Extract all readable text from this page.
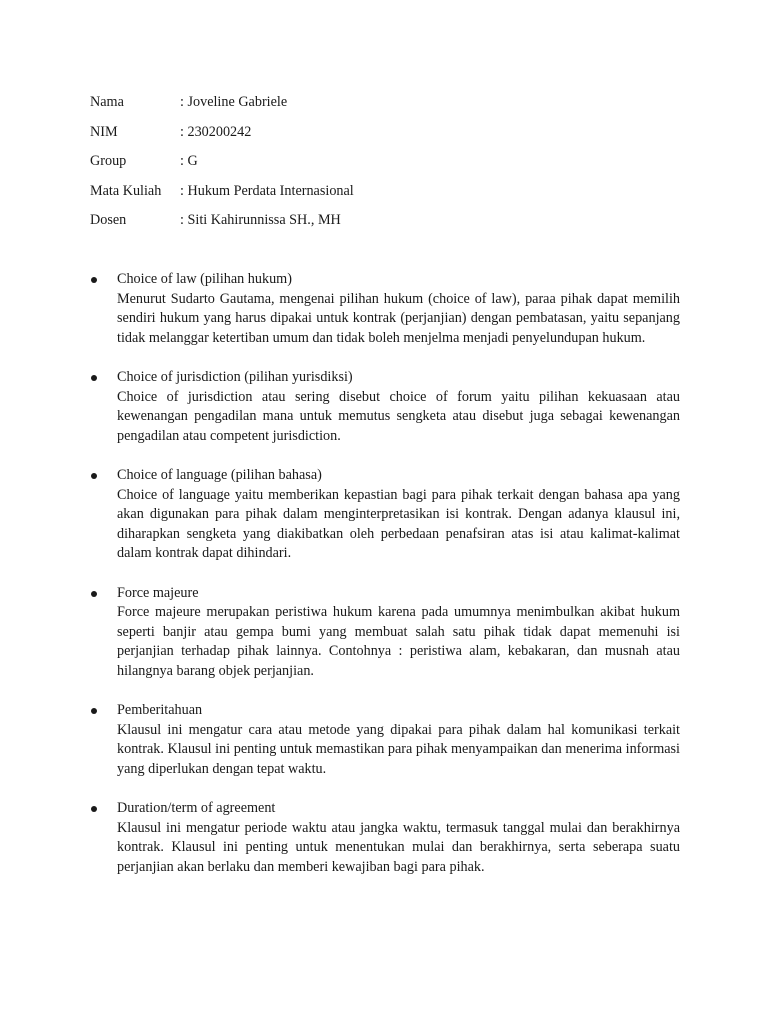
Nama	: Joveline Gabriele
NIM	: 230200242
Group	: G
Mata Kuliah	: Hukum Perdata Internasional
Dosen	: Siti Kahirunnissa SH., MH
Choice of law (pilihan hukum)
Menurut Sudarto Gautama, mengenai pilihan hukum (choice of law), paraa pihak dapat memilih sendiri hukum yang harus dipakai untuk kontrak (perjanjian) dengan pembatasan, yaitu sepanjang tidak melanggar ketertiban umum dan tidak boleh menjelma menjadi penyelundupan hukum.
Choice of jurisdiction (pilihan yurisdiksi)
Choice of jurisdiction atau sering disebut choice of forum yaitu pilihan kekuasaan atau kewenangan pengadilan mana untuk memutus sengketa atau disebut juga sebagai kewenangan pengadilan atau competent jurisdiction.
Choice of language (pilihan bahasa)
Choice of language yaitu memberikan kepastian bagi para pihak terkait dengan bahasa apa yang akan digunakan para pihak dalam menginterpretasikan isi kontrak. Dengan adanya klausul ini, diharapkan sengketa yang diakibatkan oleh perbedaan penafsiran atas isi atau kalimat-kalimat dalam kontrak dapat dihindari.
Force majeure
Force majeure merupakan peristiwa hukum karena pada umumnya menimbulkan akibat hukum seperti banjir atau gempa bumi yang membuat salah satu pihak tidak dapat memenuhi isi perjanjian terhadap pihak lainnya. Contohnya : peristiwa alam, kebakaran, dan musnah atau hilangnya barang objek perjanjian.
Pemberitahuan
Klausul ini mengatur cara atau metode yang dipakai para pihak dalam hal komunikasi terkait kontrak. Klausul ini penting untuk memastikan para pihak menyampaikan dan menerima informasi yang diperlukan dengan tepat waktu.
Duration/term of agreement
Klausul ini mengatur periode waktu atau jangka waktu, termasuk tanggal mulai dan berakhirnya kontrak. Klausul ini penting untuk menentukan mulai dan berakhirnya, serta seberapa suatu perjanjian akan berlaku dan memberi kewajiban bagi para pihak.
